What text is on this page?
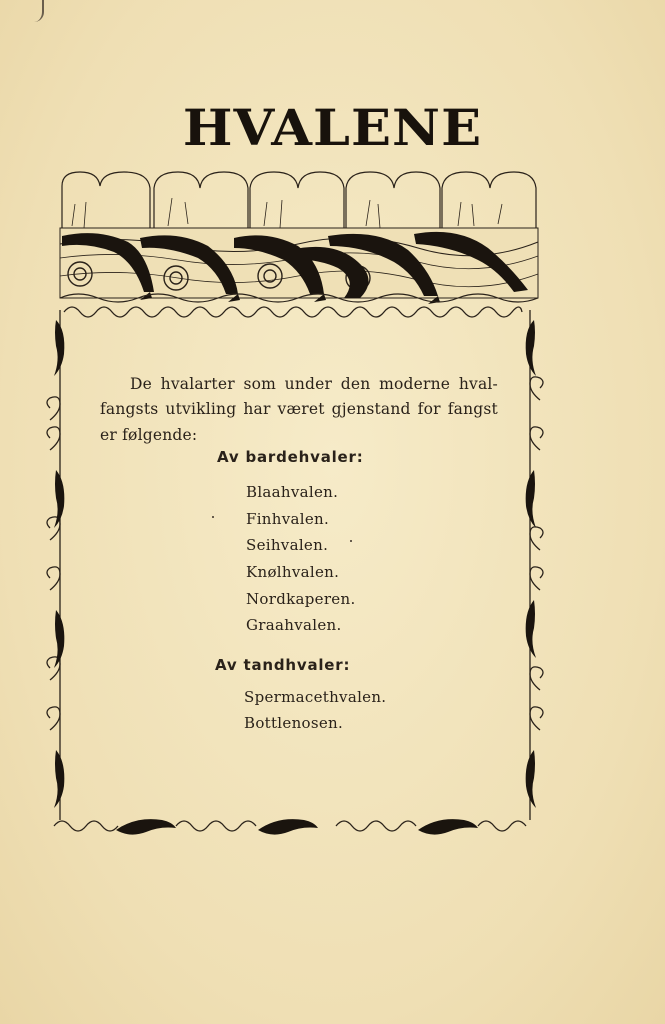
HVALENE

De hvalarter som under den moderne hval-fangsts utvikling har været gjenstand for fangst er følgende:

Av bardehvaler:
Blaahvalen.
Finhvalen.
Seihvalen.
Knølhvalen.
Nordkaperen.
Graahvalen.
Av tandhvaler:
Spermacethvalen.
Bottlenosen.
